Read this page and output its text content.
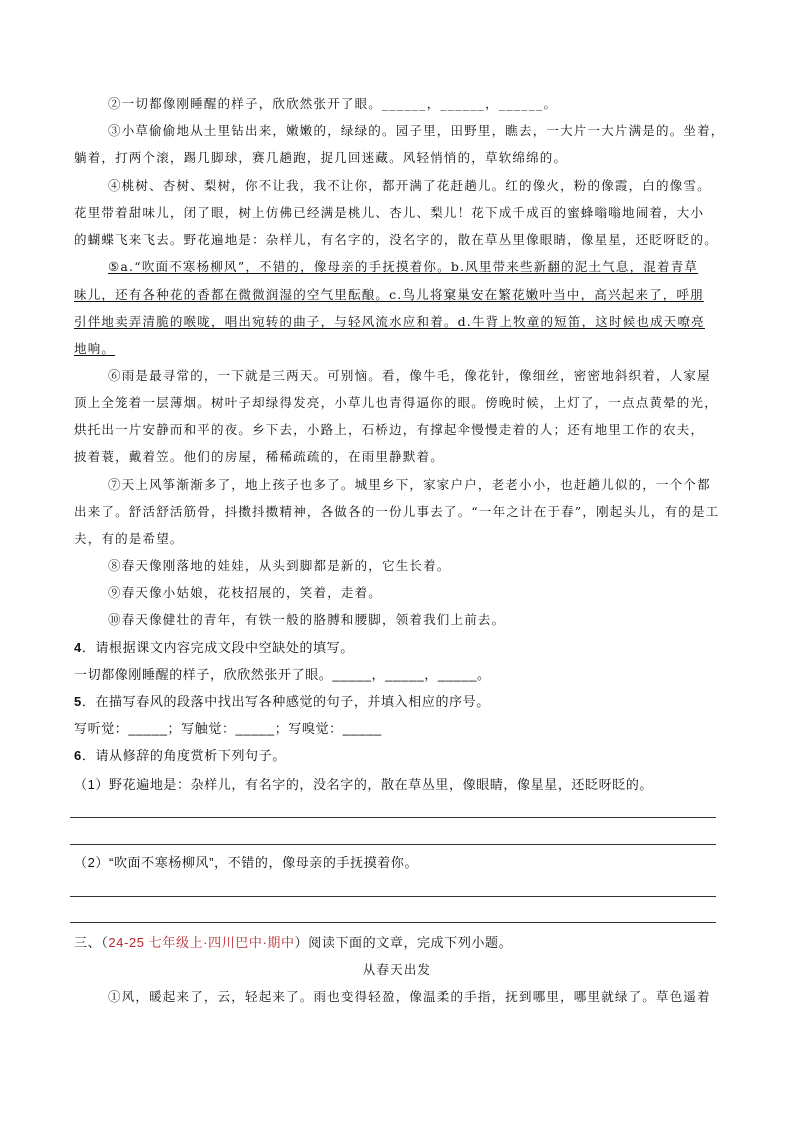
②一切都像刚睡醒的样子，欣欣然张开了眼。______，______，______。
③小草偷偷地从土里钻出来，嫩嫩的，绿绿的。园子里，田野里，瞧去，一大片一大片满是的。坐着，
躺着，打两个滚，踢几脚球，赛几趟跑，捉几回迷藏。风轻悄悄的，草软绵绵的。
④桃树、杏树、梨树，你不让我，我不让你，都开满了花赶趟儿。红的像火，粉的像霞，白的像雪。
花里带着甜味儿，闭了眼，树上仿佛已经满是桃儿、杏儿、梨儿！花下成千成百的蜜蜂嗡嗡地闹着，大小
的蝴蝶飞来飞去。野花遍地是：杂样儿，有名字的，没名字的，散在草丛里像眼睛，像星星，还眨呀眨的。
⑤a.“吹面不寒杨柳风”，不错的，像母亲的手抚摸着你。b.风里带来些新翻的泥土气息，混着青草
味儿，还有各种花的香都在微微润湿的空气里酝酿。c.鸟儿将窠巢安在繁花嫩叶当中，高兴起来了，呼朋
引伴地卖弄清脆的喉咙，唱出宛转的曲子，与轻风流水应和着。d.牛背上牧童的短笛，这时候也成天嘹亮
地响。
⑥雨是最寻常的，一下就是三两天。可别恼。看，像牛毛，像花针，像细丝，密密地斜织着，人家屋
顶上全笼着一层薄烟。树叶子却绿得发亮，小草儿也青得逼你的眼。傍晚时候，上灯了，一点点黄晕的光，
烘托出一片安静而和平的夜。乡下去，小路上，石桥边，有撑起伞慢慢走着的人；还有地里工作的农夫，
披着蓑，戴着笠。他们的房屋，稀稀疏疏的，在雨里静默着。
⑦天上风筝渐渐多了，地上孩子也多了。城里乡下，家家户户，老老小小，也赶趟儿似的，一个个都
出来了。舒活舒活筋骨，抖擞抖擞精神，各做各的一份儿事去了。“一年之计在于春”，刚起头儿，有的是工
夫，有的是希望。
⑧春天像刚落地的娃娃，从头到脚都是新的，它生长着。
⑨春天像小姑娘，花枝招展的，笑着，走着。
⑩春天像健壮的青年，有铁一般的胳膊和腰脚，领着我们上前去。
4．请根据课文内容完成文段中空缺处的填写。
一切都像刚睡醒的样子，欣欣然张开了眼。_____，_____，_____。
5．在描写春风的段落中找出写各种感觉的句子，并填入相应的序号。
写听觉：_____；写触觉：_____；写嗅觉：_____
6．请从修辞的角度赏析下列句子。
（1）野花遍地是：杂样儿，有名字的，没名字的，散在草丛里，像眼睛，像星星，还眨呀眨的。
（2）“吹面不寒杨柳风”，不错的，像母亲的手抚摸着你。
三、（24-25 七年级上·四川巴中·期中）阅读下面的文章，完成下列小题。
从春天出发
①风，暖起来了，云，轻起来了。雨也变得轻盈，像温柔的手指，抚到哪里，哪里就绿了。草色遥着
